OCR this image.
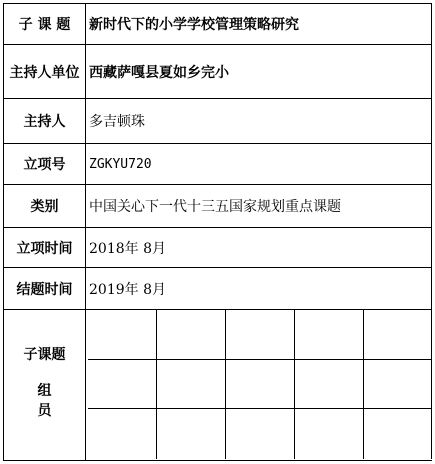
子 课 题	新时代下的小学学校管理策略研究
主持人单位 西藏萨嘎县夏如乡完小
主持人	多吉顿珠
立项号	ZGKYU720
类别	中国关心下一代十三五国家规划重点课题
立项时间	2018年 8月
结题时间	2019年 8月
子课题
组 员
